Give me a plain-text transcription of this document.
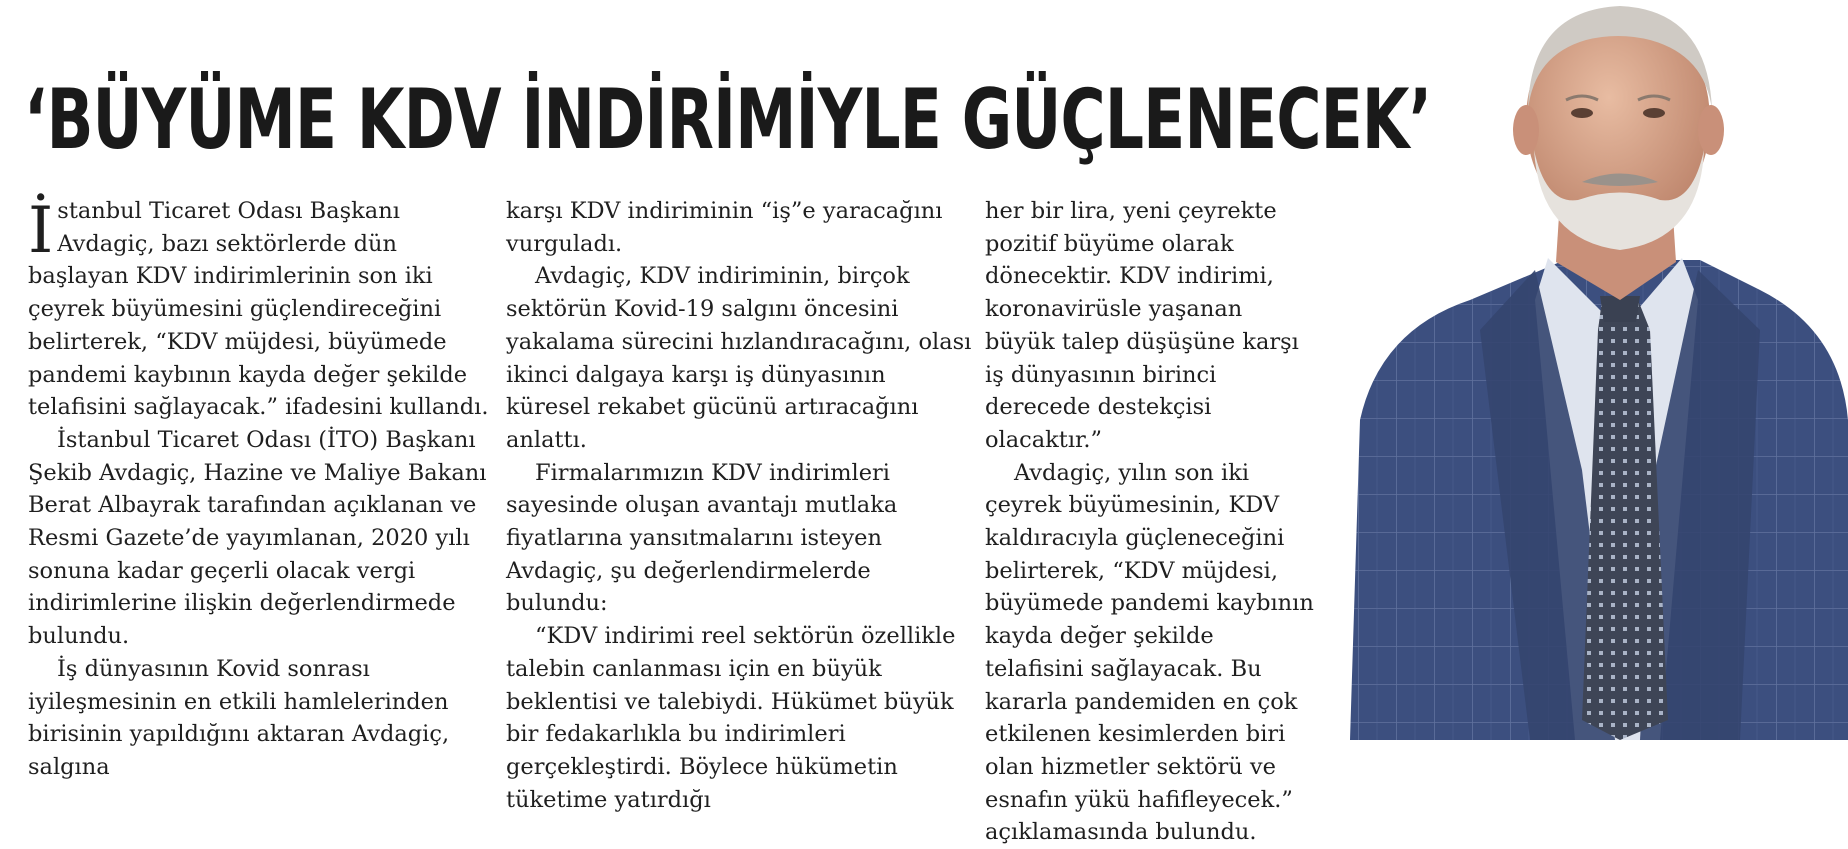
‘BÜYÜME KDV İNDİRİMİYLE GÜÇLENECEK’

İstanbul Ticaret Odası Başkanı Avdagiç, bazı sektörlerde dün başlayan KDV indirimlerinin son iki çeyrek büyümesini güçlendireceğini belirterek, “KDV müjdesi, büyümede pandemi kaybının kayda değer şekilde telafisini sağlayacak.” ifadesini kullandı.

İstanbul Ticaret Odası (İTO) Başkanı Şekib Avdagiç, Hazine ve Maliye Bakanı Berat Albayrak tarafından açıklanan ve Resmi Gazete’de yayımlanan, 2020 yılı sonuna kadar geçerli olacak vergi indirimlerine ilişkin değerlendirmede bulundu.

İş dünyasının Kovid sonrası iyileşmesinin en etkili hamlelerinden birisinin yapıldığını aktaran Avdagiç, salgına

karşı KDV indiriminin “iş”e yaracağını vurguladı.

Avdagiç, KDV indiriminin, birçok sektörün Kovid-19 salgını öncesini yakalama sürecini hızlandıracağını, olası ikinci dalgaya karşı iş dünyasının küresel rekabet gücünü artıracağını anlattı.

Firmalarımızın KDV indirimleri sayesinde oluşan avantajı mutlaka fiyatlarına yansıtmalarını isteyen Avdagiç, şu değerlendirmelerde bulundu:

“KDV indirimi reel sektörün özellikle talebin canlanması için en büyük beklentisi ve talebiydi. Hükümet büyük bir fedakarlıkla bu indirimleri gerçekleştirdi. Böylece hükümetin tüketime yatırdığı

her bir lira, yeni çeyrekte pozitif büyüme olarak dönecektir. KDV indirimi, koronavirüsle yaşanan büyük talep düşüşüne karşı iş dünyasının birinci derecede destekçisi olacaktır.”

Avdagiç, yılın son iki çeyrek büyümesinin, KDV kaldıracıyla güçleneceğini belirterek, “KDV müjdesi, büyümede pandemi kaybının kayda değer şekilde telafisini sağlayacak. Bu kararla pandemiden en çok etkilenen kesimlerden biri olan hizmetler sektörü ve esnafın yükü hafifleyecek.” açıklamasında bulundu.
